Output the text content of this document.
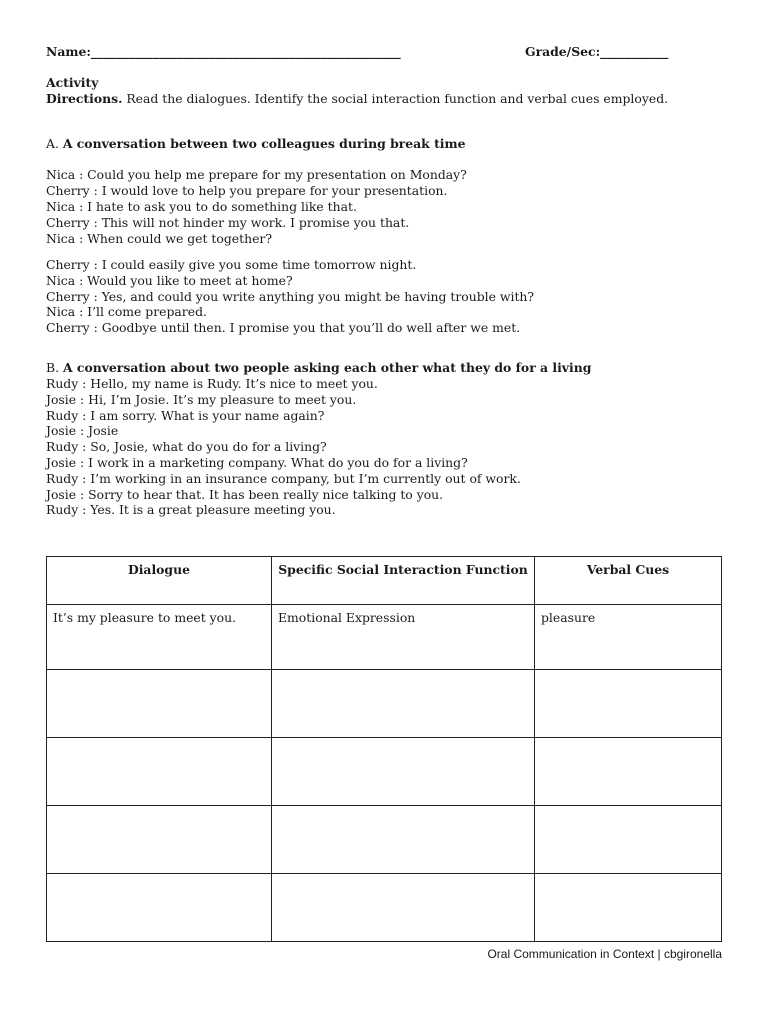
Name:__________________________________________________	Grade/Sec:___________
Activity
Directions. Read the dialogues. Identify the social interaction function and verbal cues employed.
A. A conversation between two colleagues during break time
Nica : Could you help me prepare for my presentation on Monday?
Cherry : I would love to help you prepare for your presentation.
Nica : I hate to ask you to do something like that.
Cherry : This will not hinder my work. I promise you that.
Nica : When could we get together?
Cherry : I could easily give you some time tomorrow night.
Nica : Would you like to meet at home?
Cherry : Yes, and could you write anything you might be having trouble with?
Nica : I’ll come prepared.
Cherry : Goodbye until then. I promise you that you’ll do well after we met.
B. A conversation about two people asking each other what they do for a living
Rudy : Hello, my name is Rudy. It’s nice to meet you.
Josie : Hi, I’m Josie. It’s my pleasure to meet you.
Rudy : I am sorry. What is your name again?
Josie : Josie
Rudy : So, Josie, what do you do for a living?
Josie : I work in a marketing company. What do you do for a living?
Rudy : I’m working in an insurance company, but I’m currently out of work.
Josie : Sorry to hear that. It has been really nice talking to you.
Rudy : Yes. It is a great pleasure meeting you.
Dialogue	Specific Social Interaction Function	Verbal Cues
It’s my pleasure to meet you.	Emotional Expression	pleasure

Oral Communication in Context | cbgironella
